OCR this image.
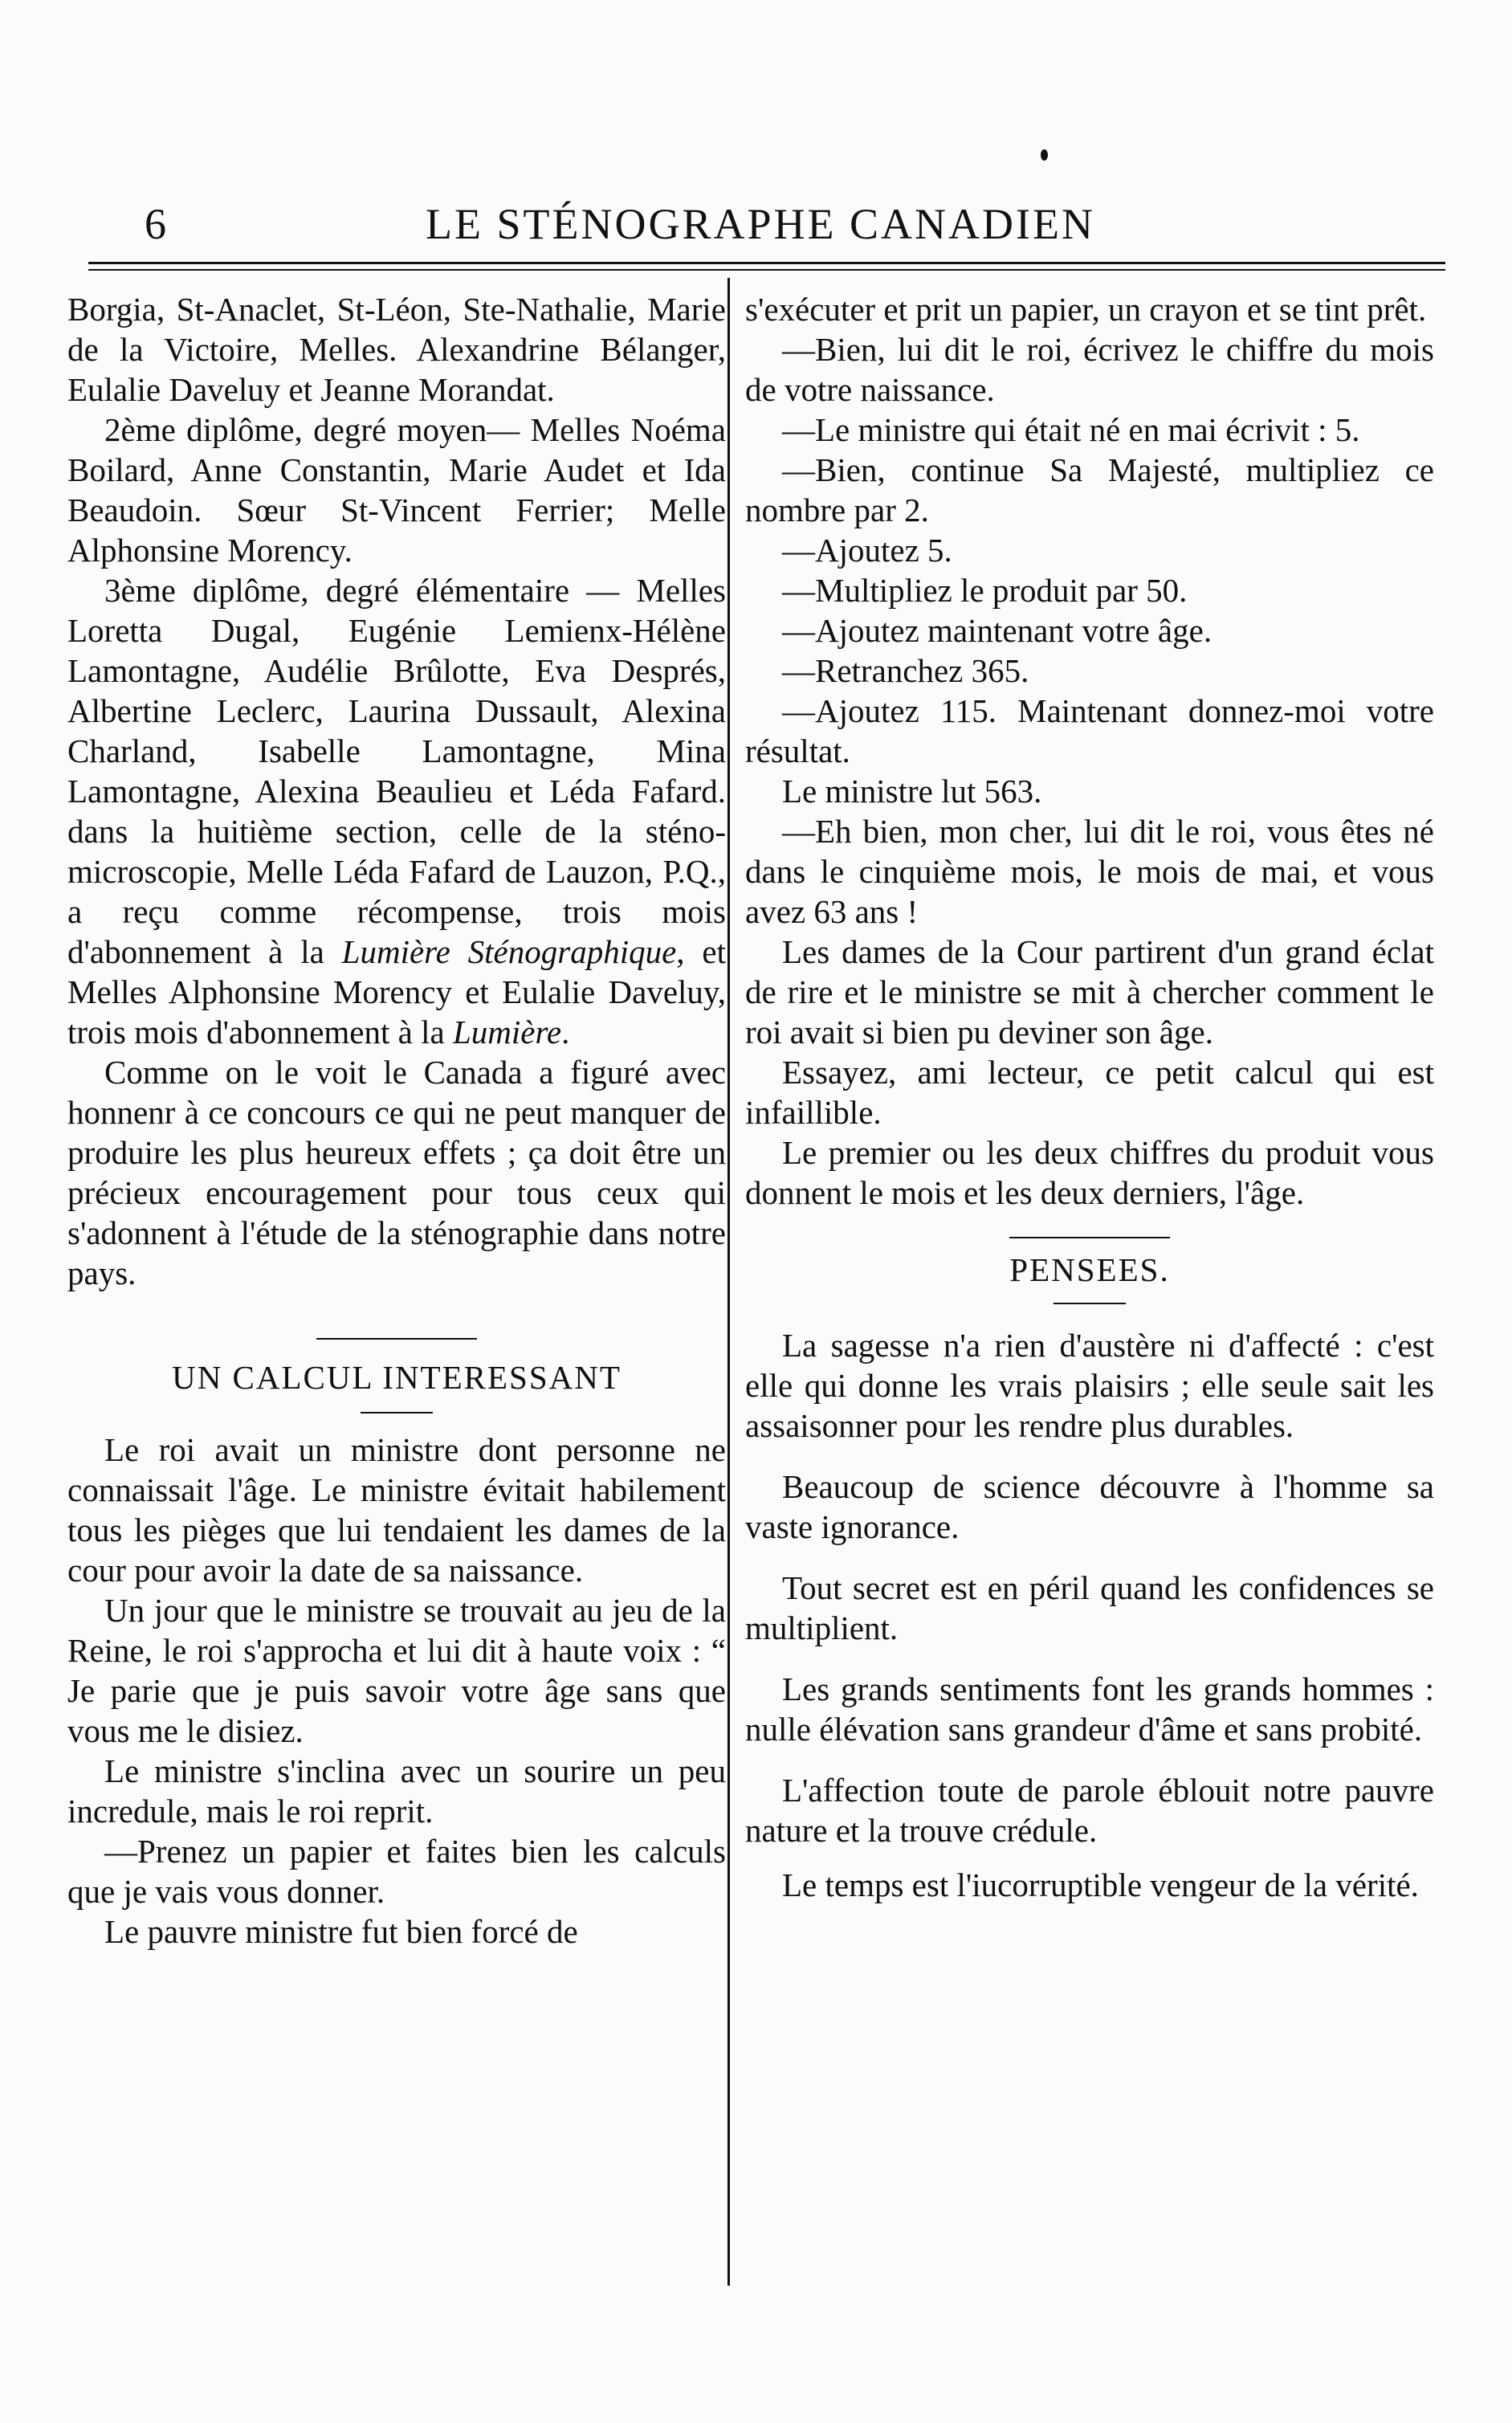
6	LE STÉNOGRAPHE CANADIEN

Borgia, St-Anaclet, St-Léon, Ste-Nathalie, Marie de la Victoire, Melles. Alexandrine Bélanger, Eulalie Daveluy et Jeanne Morandat.

2ème diplôme, degré moyen— Melles Noéma Boilard, Anne Constantin, Marie Audet et Ida Beaudoin. Sœur St-Vincent Ferrier; Melle Alphonsine Morency.

3ème diplôme, degré élémentaire — Melles Loretta Dugal, Eugénie Lemienx-Hélène Lamontagne, Audélie Brûlotte, Eva Després, Albertine Leclerc, Laurina Dussault, Alexina Charland, Isabelle Lamontagne, Mina Lamontagne, Alexina Beaulieu et Léda Fafard. dans la huitième section, celle de la sténo-microscopie, Melle Léda Fafard de Lauzon, P.Q., a reçu comme récompense, trois mois d'abonnement à la Lumière Sténographique, et Melles Alphonsine Morency et Eulalie Daveluy, trois mois d'abonnement à la Lumière.

Comme on le voit le Canada a figuré avec honnenr à ce concours ce qui ne peut manquer de produire les plus heureux effets ; ça doit être un précieux encouragement pour tous ceux qui s'adonnent à l'étude de la sténographie dans notre pays.

UN CALCUL INTERESSANT

Le roi avait un ministre dont personne ne connaissait l'âge. Le ministre évitait habilement tous les pièges que lui tendaient les dames de la cour pour avoir la date de sa naissance.

Un jour que le ministre se trouvait au jeu de la Reine, le roi s'approcha et lui dit à haute voix : “ Je parie que je puis savoir votre âge sans que vous me le disiez.

Le ministre s'inclina avec un sourire un peu incredule, mais le roi reprit.

—Prenez un papier et faites bien les calculs que je vais vous donner.

Le pauvre ministre fut bien forcé de

s'exécuter et prit un papier, un crayon et se tint prêt.

—Bien, lui dit le roi, écrivez le chiffre du mois de votre naissance.

—Le ministre qui était né en mai écrivit : 5.

—Bien, continue Sa Majesté, multipliez ce nombre par 2.

—Ajoutez 5.

—Multipliez le produit par 50.

—Ajoutez maintenant votre âge.

—Retranchez 365.

—Ajoutez 115. Maintenant donnez-moi votre résultat.

Le ministre lut 563.

—Eh bien, mon cher, lui dit le roi, vous êtes né dans le cinquième mois, le mois de mai, et vous avez 63 ans !

Les dames de la Cour partirent d'un grand éclat de rire et le ministre se mit à chercher comment le roi avait si bien pu deviner son âge.

Essayez, ami lecteur, ce petit calcul qui est infaillible.

Le premier ou les deux chiffres du produit vous donnent le mois et les deux derniers, l'âge.

PENSEES.

La sagesse n'a rien d'austère ni d'affecté : c'est elle qui donne les vrais plaisirs ; elle seule sait les assaisonner pour les rendre plus durables.

Beaucoup de science découvre à l'homme sa vaste ignorance.

Tout secret est en péril quand les confidences se multiplient.

Les grands sentiments font les grands hommes : nulle élévation sans grandeur d'âme et sans probité.

L'affection toute de parole éblouit notre pauvre nature et la trouve crédule.

Le temps est l'iucorruptible vengeur de la vérité.
